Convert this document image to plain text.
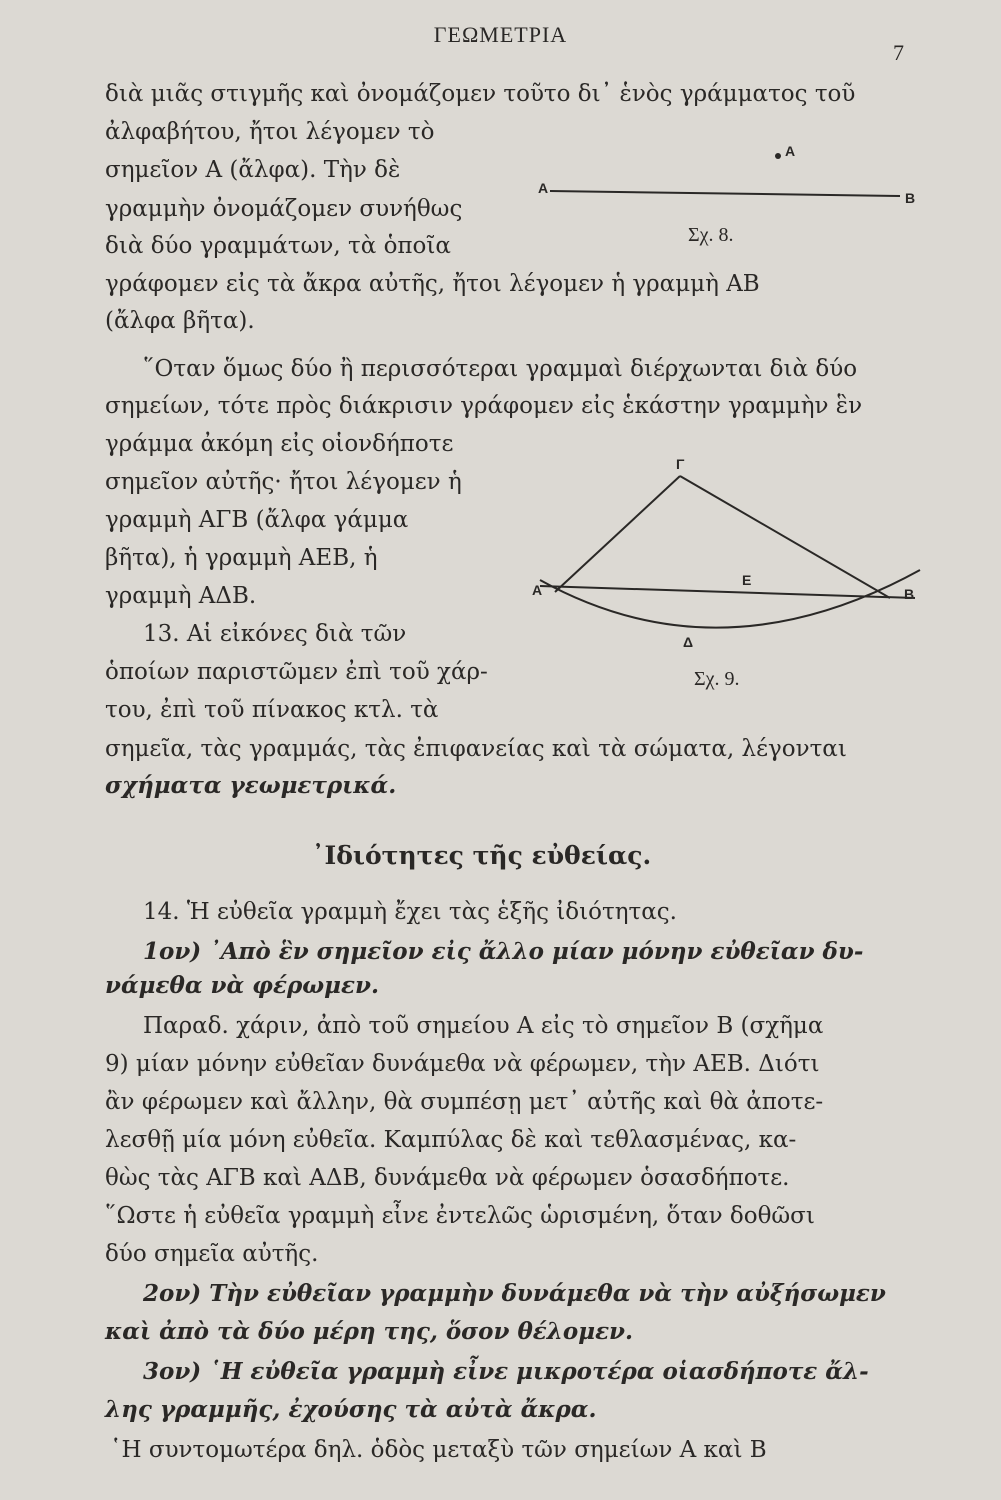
ΓΕΩΜΕΤΡΙΑ
7
διὰ μιᾶς στιγμῆς καὶ ὀνομάζομεν τοῦτο δι᾿ ἑνὸς γράμματος τοῦ
ἀλφαβήτου, ἤτοι λέγομεν τὸ
σημεῖον Α (ἄλφα). Τὴν δὲ
γραμμὴν ὀνομάζομεν συνήθως
διὰ δύο γραμμάτων, τὰ ὁποῖα
γράφομεν εἰς τὰ ἄκρα αὐτῆς, ἤτοι λέγομεν ἡ γραμμὴ ΑΒ
(ἄλφα βῆτα).
῞Οταν ὅμως δύο ἢ περισσότεραι γραμμαὶ διέρχωνται διὰ δύο
σημείων, τότε πρὸς διάκρισιν γράφομεν εἰς ἑκάστην γραμμὴν ἓν
γράμμα ἀκόμη εἰς οἱονδήποτε
σημεῖον αὐτῆς· ἤτοι λέγομεν ἡ
γραμμὴ ΑΓΒ (ἄλφα γάμμα
βῆτα), ἡ γραμμὴ ΑΕΒ, ἡ
γραμμὴ ΑΔΒ.
13. Αἱ εἰκόνες διὰ τῶν
ὁποίων παριστῶμεν ἐπὶ τοῦ χάρ-
του, ἐπὶ τοῦ πίνακος κτλ. τὰ
σημεῖα, τὰς γραμμάς, τὰς ἐπιφανείας καὶ τὰ σώματα, λέγονται
σχήματα γεωμετρικά.
᾿Ιδιότητες τῆς εὐθείας.
14. Ἡ εὐθεῖα γραμμὴ ἔχει τὰς ἑξῆς ἰδιότητας.
1ον) ᾿Απὸ ἓν σημεῖον εἰς ἄλλο μίαν μόνην εὐθεῖαν δυ-
νάμεθα νὰ φέρωμεν.
Παραδ. χάριν, ἀπὸ τοῦ σημείου Α εἰς τὸ σημεῖον Β (σχῆμα
9) μίαν μόνην εὐθεῖαν δυνάμεθα νὰ φέρωμεν, τὴν ΑΕΒ. Διότι
ἂν φέρωμεν καὶ ἄλλην, θὰ συμπέσῃ μετ᾿ αὐτῆς καὶ θὰ ἀποτε-
λεσθῇ μία μόνη εὐθεῖα. Καμπύλας δὲ καὶ τεθλασμένας, κα-
θὼς τὰς ΑΓΒ καὶ ΑΔΒ, δυνάμεθα νὰ φέρωμεν ὁσασδήποτε.
῞Ωστε ἡ εὐθεῖα γραμμὴ εἶνε ἐντελῶς ὡρισμένη, ὅταν δοθῶσι
δύο σημεῖα αὐτῆς.
2ον) Τὴν εὐθεῖαν γραμμὴν δυνάμεθα νὰ τὴν αὐξήσωμεν
καὶ ἀπὸ τὰ δύο μέρη της, ὅσον θέλομεν.
3ον) ῾Η εὐθεῖα γραμμὴ εἶνε μικροτέρα οἱασδήποτε ἄλ-
λης γραμμῆς, ἐχούσης τὰ αὐτὰ ἄκρα.
῾Η συντομωτέρα δηλ. ὁδὸς μεταξὺ τῶν σημείων Α καὶ Β
Α
Α
Β
Σχ. 8.
Γ
Α	Β
Ε
Δ
Σχ. 9.
